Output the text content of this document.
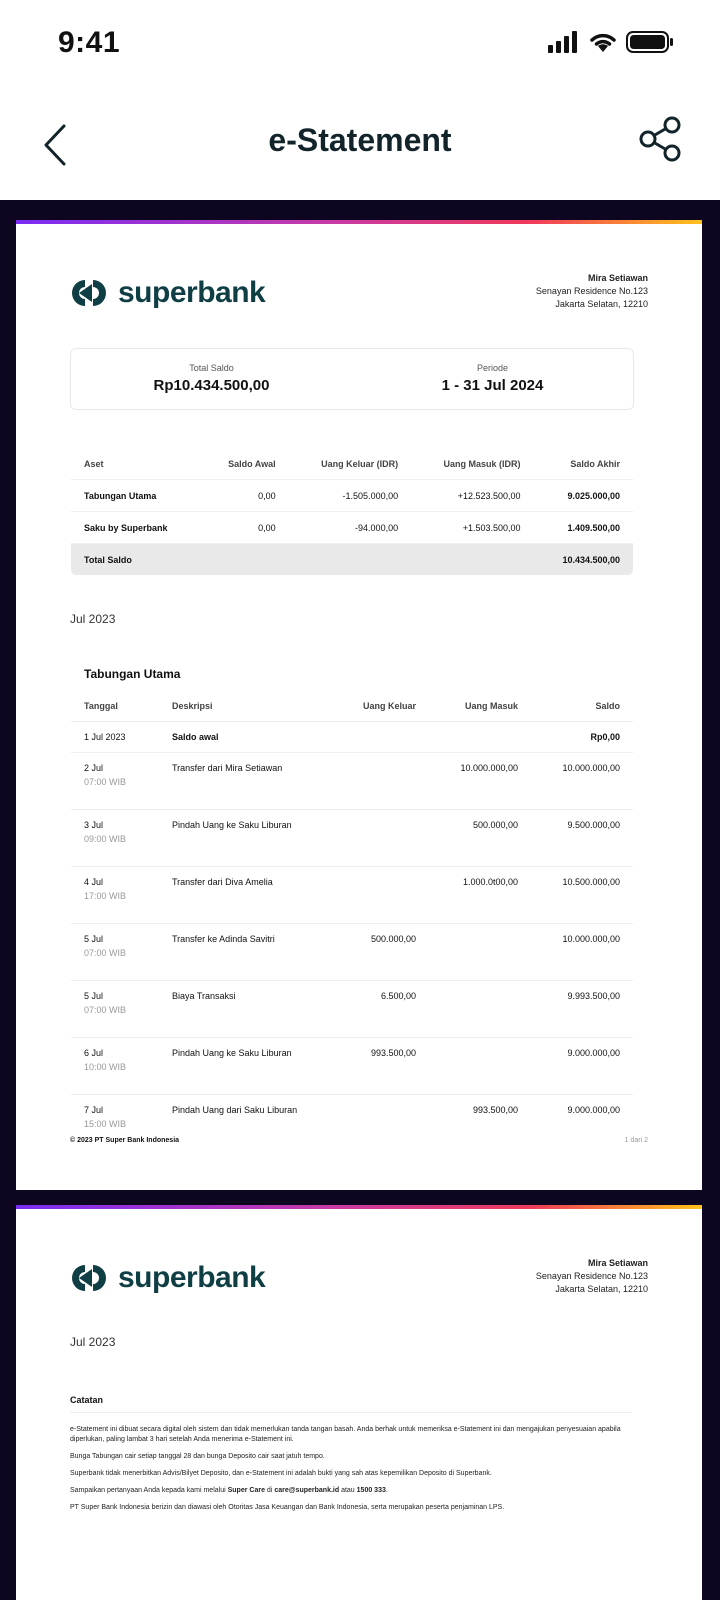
9:41
e-Statement
superbank	Mira Setiawan
Senayan Residence No.123
Jakarta Selatan, 12210
Total Saldo
Rp10.434.500,00
Periode
1 - 31 Jul 2024
Aset	Saldo Awal	Uang Keluar (IDR)	Uang Masuk (IDR)	Saldo Akhir
Tabungan Utama	0,00	-1.505.000,00	+12.523.500,00	9.025.000,00
Saku by Superbank	0,00	-94.000,00	+1.503.500,00	1.409.500,00
Total Saldo				10.434.500,00
Jul 2023
Tabungan Utama
Tanggal	Deskripsi	Uang Keluar	Uang Masuk	Saldo
1 Jul 2023	Saldo awal			Rp0,00
2 Jul
07:00 WIB	Transfer dari Mira Setiawan		10.000.000,00	10.000.000,00
3 Jul
09:00 WIB	Pindah Uang ke Saku Liburan		500.000,00	9.500.000,00
4 Jul
17:00 WIB	Transfer dari Diva Amelia		1.000.0t00,00	10.500.000,00
5 Jul
07:00 WIB	Transfer ke Adinda Savitri	500.000,00		10.000.000,00
5 Jul
07:00 WIB	Biaya Transaksi	6.500,00		9.993.500,00
6 Jul
10:00 WIB	Pindah Uang ke Saku Liburan	993.500,00		9.000.000,00
7 Jul
15:00 WIB	Pindah Uang dari Saku Liburan		993.500,00	9.000.000,00
© 2023 PT Super Bank Indonesia	1 dari 2
superbank	Mira Setiawan
Senayan Residence No.123
Jakarta Selatan, 12210
Jul 2023
Catatan

e-Statement ini dibuat secara digital oleh sistem dan tidak memerlukan tanda tangan basah. Anda berhak untuk memeriksa e-Statement ini dan mengajukan penyesuaian apabila diperlukan, paling lambat 3 hari setelah Anda menerima e-Statement ini.

Bunga Tabungan cair setiap tanggal 28 dan bunga Deposito cair saat jatuh tempo.

Superbank tidak menerbitkan Advis/Bilyet Deposito, dan e-Statement ini adalah bukti yang sah atas kepemilikan Deposito di Superbank.

Sampaikan pertanyaan Anda kepada kami melalui Super Care di care@superbank.id atau 1500 333.

PT Super Bank Indonesia berizin dan diawasi oleh Otoritas Jasa Keuangan dan Bank Indonesia, serta merupakan peserta penjaminan LPS.
